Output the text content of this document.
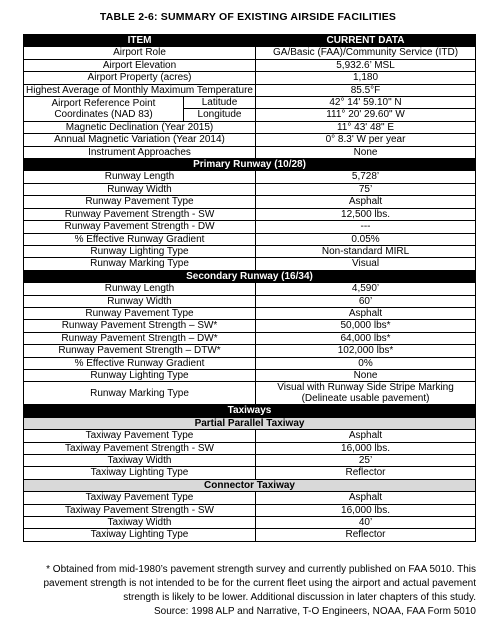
TABLE 2-6: SUMMARY OF EXISTING AIRSIDE FACILITIES
ITEM		CURRENT DATA
Airport Role		GA/Basic (FAA)/Community Service (ITD)
Airport Elevation		5,932.6’ MSL
Airport Property (acres)		1,180
Highest Average of Monthly Maximum Temperature		85.5°F

Airport Reference Point
Coordinates (NAD 83)	Latitude	42° 14' 59.10" N
	Longitude	111° 20' 29.60" W
Magnetic Declination (Year 2015)		11° 43' 48" E
Annual Magnetic Variation (Year 2014)		0° 8.3' W per year
Instrument Approaches		None
Primary Runway (10/28)		
Runway Length		5,728’
Runway Width		75’
Runway Pavement Type		Asphalt
Runway Pavement Strength - SW		12,500 lbs.
Runway Pavement Strength - DW		---
% Effective Runway Gradient		0.05%
Runway Lighting Type		Non-standard MIRL
Runway Marking Type		Visual
Secondary Runway (16/34)		
Runway Length		4,590’
Runway Width		60’
Runway Pavement Type		Asphalt
Runway Pavement Strength – SW*		50,000 lbs*
Runway Pavement Strength – DW*		64,000 lbs*
Runway Pavement Strength – DTW*		102,000 lbs*
% Effective Runway Gradient		0%
Runway Lighting Type		None
Runway Marking Type		Visual with Runway Side Stripe Marking
(Delineate usable pavement)

Taxiways		
Partial Parallel Taxiway		
Taxiway Pavement Type		Asphalt
Taxiway Pavement Strength - SW		16,000 lbs.
Taxiway Width		25’
Taxiway Lighting Type		Reflector
Connector Taxiway		
Taxiway Pavement Type		Asphalt
Taxiway Pavement Strength - SW		16,000 lbs.
Taxiway Width		40’
Taxiway Lighting Type		Reflector
* Obtained from mid-1980’s pavement strength survey and currently published on FAA 5010. This
pavement strength is not intended to be for the current fleet using the airport and actual pavement
strength is likely to be lower. Additional discussion in later chapters of this study.
Source: 1998 ALP and Narrative, T-O Engineers, NOAA, FAA Form 5010
